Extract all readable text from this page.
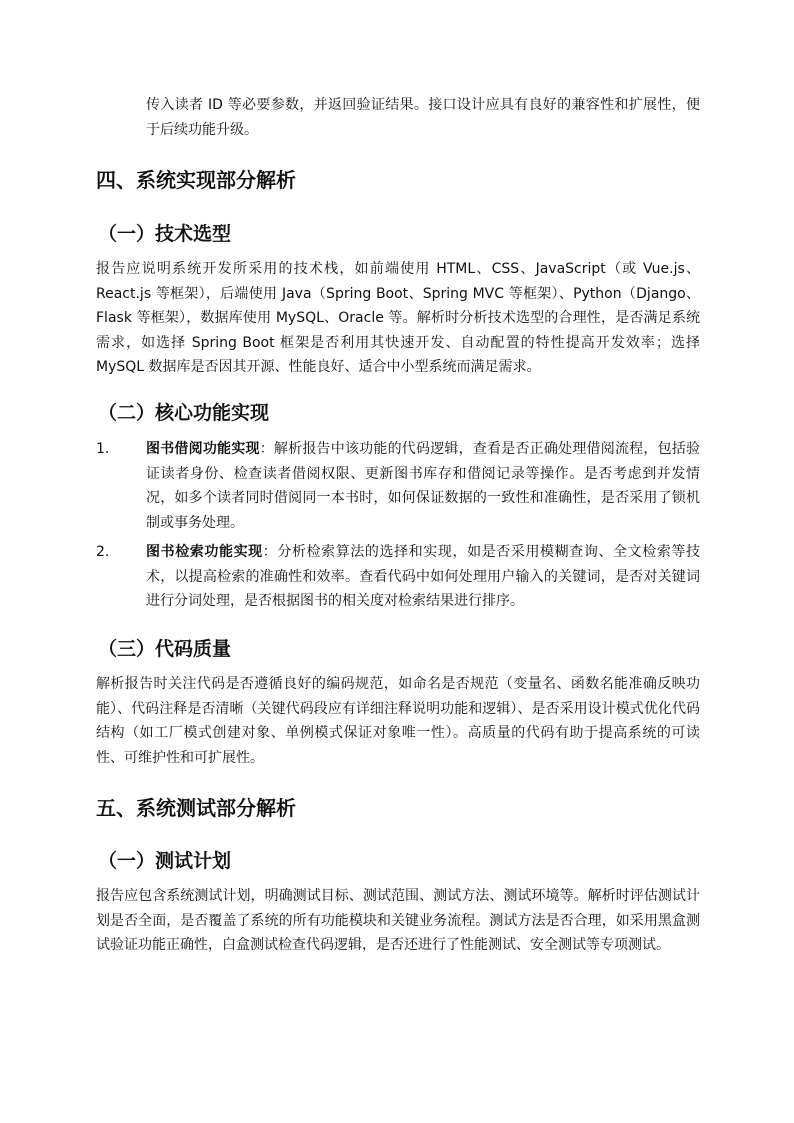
传入读者 ID 等必要参数，并返回验证结果。接口设计应具有良好的兼容性和扩展性，便于后续功能升级。

四、系统实现部分解析
（一）技术选型

报告应说明系统开发所采用的技术栈，如前端使用 HTML、CSS、JavaScript（或 Vue.js、React.js 等框架），后端使用 Java（Spring Boot、Spring MVC 等框架）、Python（Django、Flask 等框架），数据库使用 MySQL、Oracle 等。解析时分析技术选型的合理性，是否满足系统需求，如选择 Spring Boot 框架是否利用其快速开发、自动配置的特性提高开发效率；选择 MySQL 数据库是否因其开源、性能良好、适合中小型系统而满足需求。

（二）核心功能实现
1.	图书借阅功能实现：解析报告中该功能的代码逻辑，查看是否正确处理借阅流程，包括验证读者身份、检查读者借阅权限、更新图书库存和借阅记录等操作。是否考虑到并发情况，如多个读者同时借阅同一本书时，如何保证数据的一致性和准确性，是否采用了锁机制或事务处理。
2.	图书检索功能实现：分析检索算法的选择和实现，如是否采用模糊查询、全文检索等技术，以提高检索的准确性和效率。查看代码中如何处理用户输入的关键词，是否对关键词进行分词处理，是否根据图书的相关度对检索结果进行排序。
（三）代码质量

解析报告时关注代码是否遵循良好的编码规范，如命名是否规范（变量名、函数名能准确反映功能）、代码注释是否清晰（关键代码段应有详细注释说明功能和逻辑）、是否采用设计模式优化代码结构（如工厂模式创建对象、单例模式保证对象唯一性）。高质量的代码有助于提高系统的可读性、可维护性和可扩展性。

五、系统测试部分解析
（一）测试计划

报告应包含系统测试计划，明确测试目标、测试范围、测试方法、测试环境等。解析时评估测试计划是否全面，是否覆盖了系统的所有功能模块和关键业务流程。测试方法是否合理，如采用黑盒测试验证功能正确性，白盒测试检查代码逻辑，是否还进行了性能测试、安全测试等专项测试。
